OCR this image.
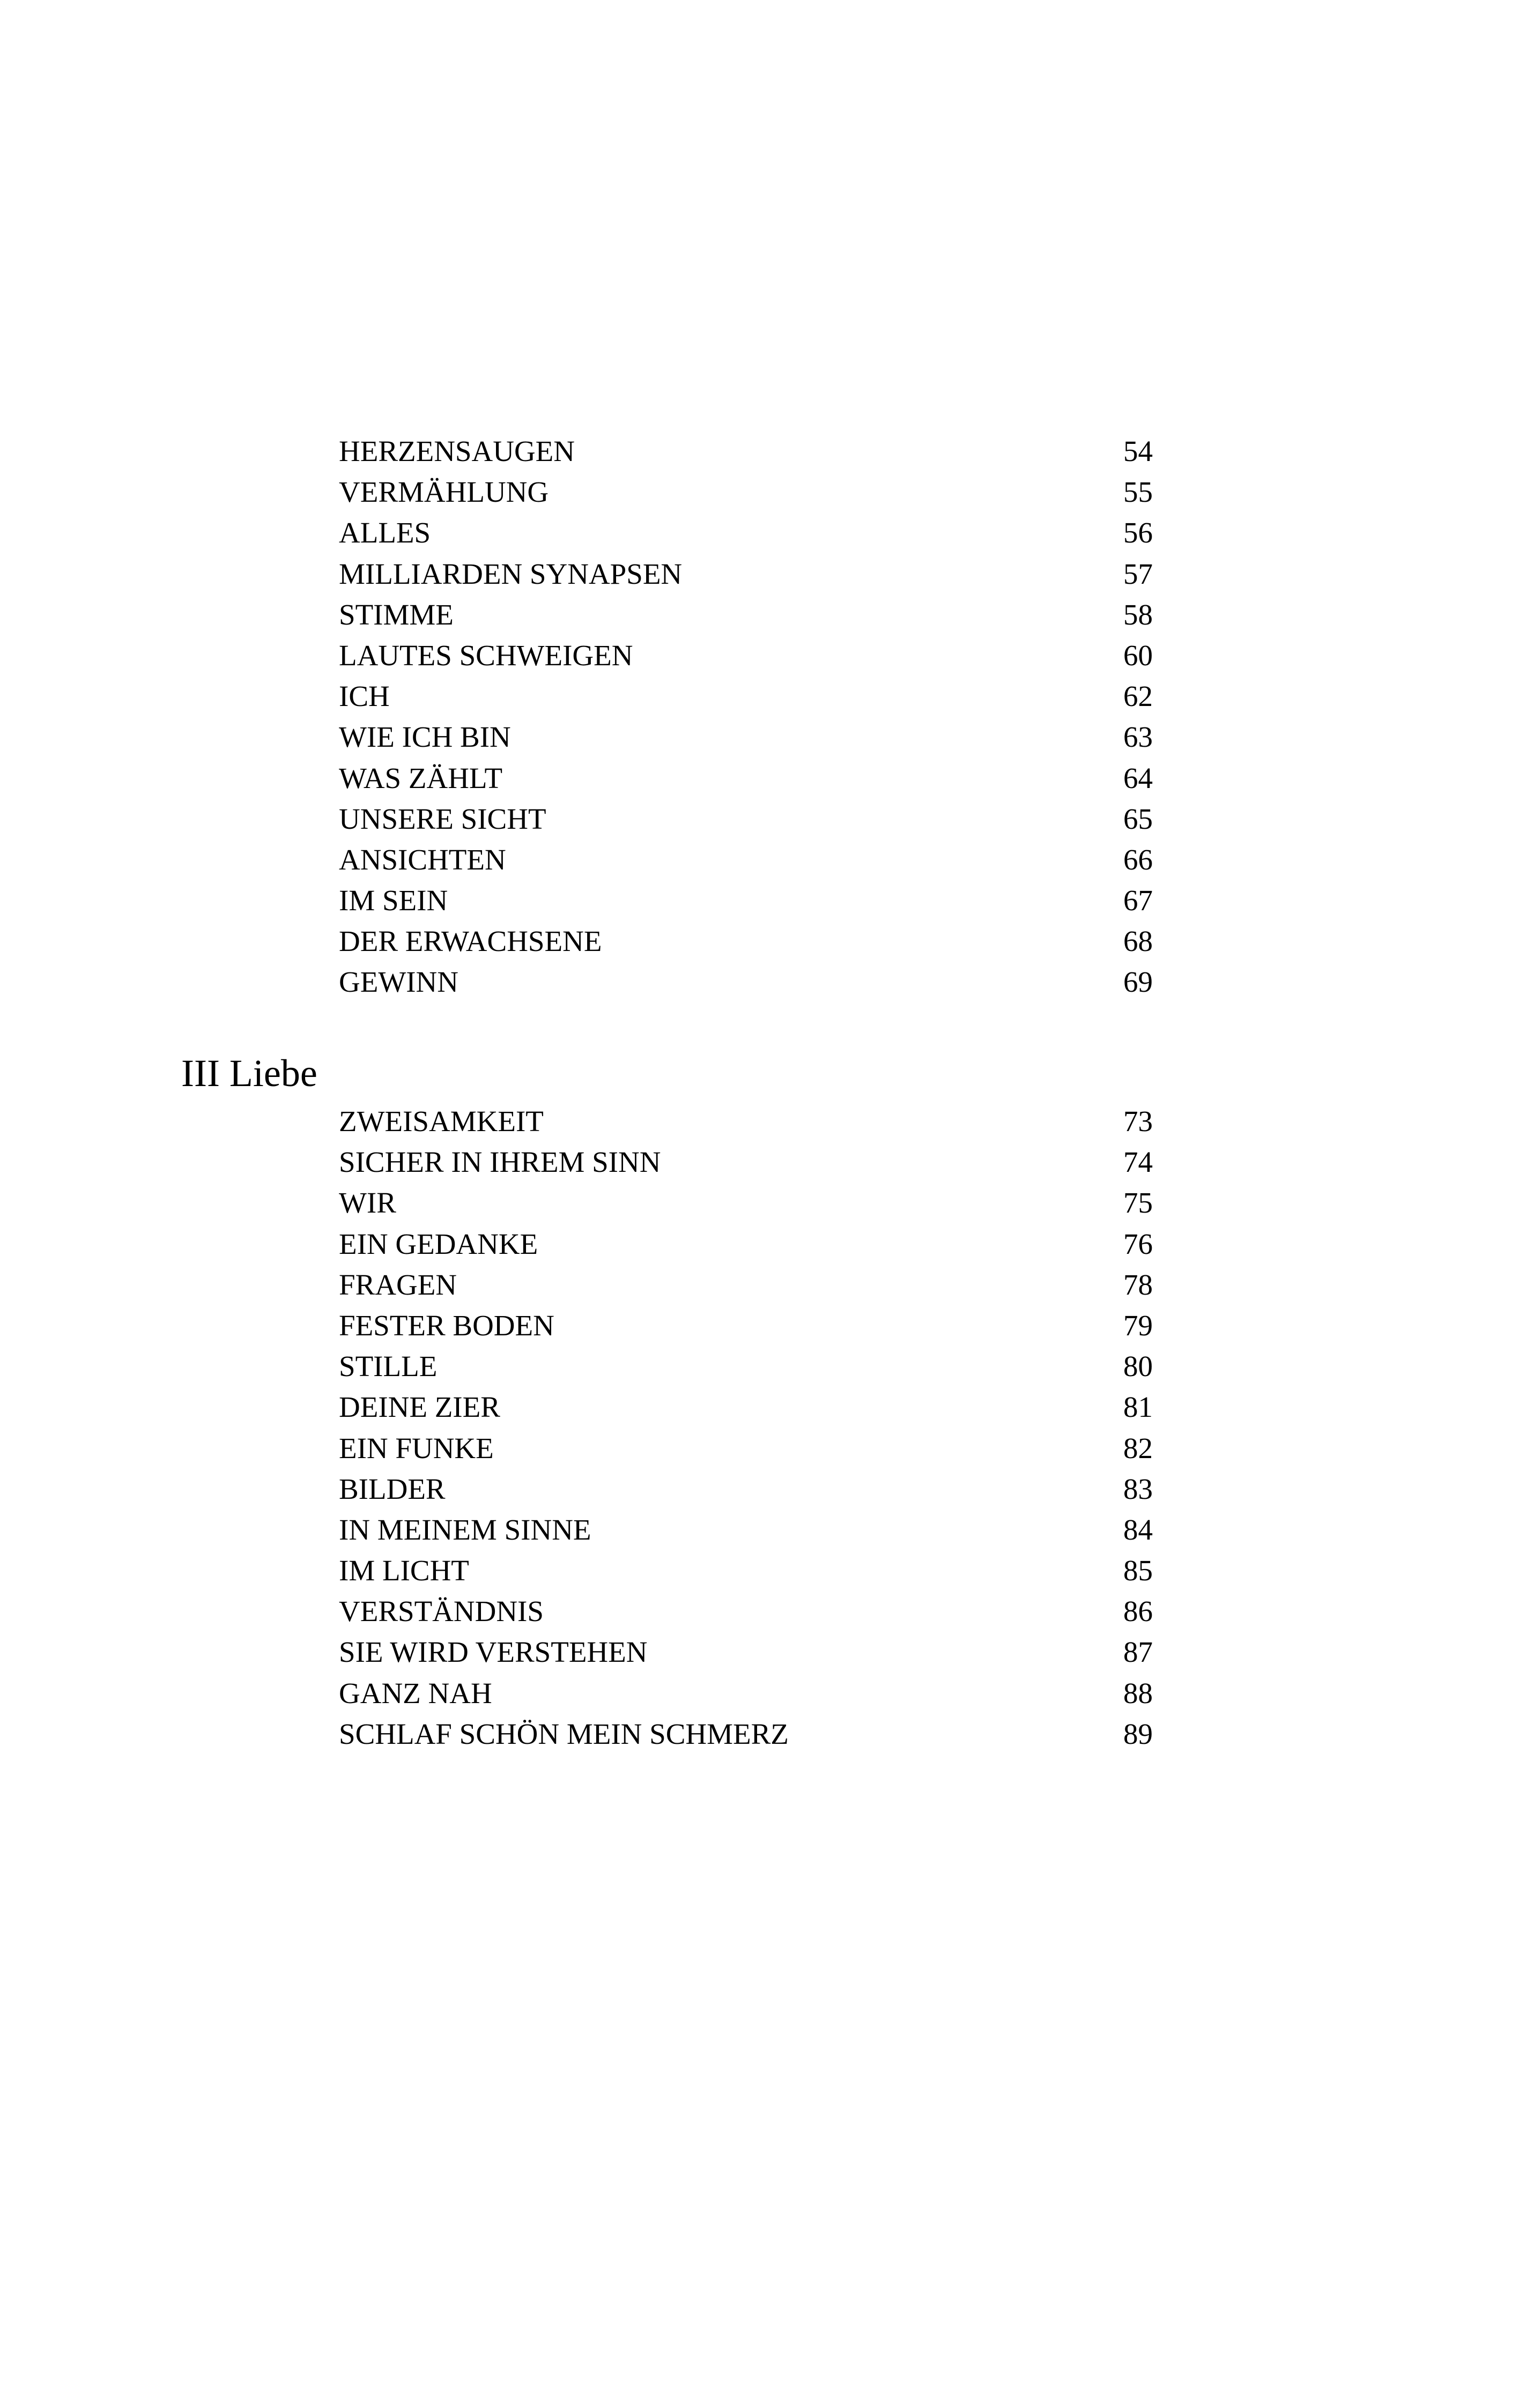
HERZENSAUGEN	54
VERMÄHLUNG	55
ALLES	56
MILLIARDEN SYNAPSEN	57
STIMME	58
LAUTES SCHWEIGEN	60
ICH	62
WIE ICH BIN	63
WAS ZÄHLT	64
UNSERE SICHT	65
ANSICHTEN	66
IM SEIN	67
DER ERWACHSENE	68
GEWINN	69
III Liebe
ZWEISAMKEIT	73
SICHER IN IHREM SINN	74
WIR	75
EIN GEDANKE	76
FRAGEN	78
FESTER BODEN	79
STILLE	80
DEINE ZIER	81
EIN FUNKE	82
BILDER	83
IN MEINEM SINNE	84
IM LICHT	85
VERSTÄNDNIS	86
SIE WIRD VERSTEHEN	87
GANZ NAH	88
SCHLAF SCHÖN MEIN SCHMERZ	89
